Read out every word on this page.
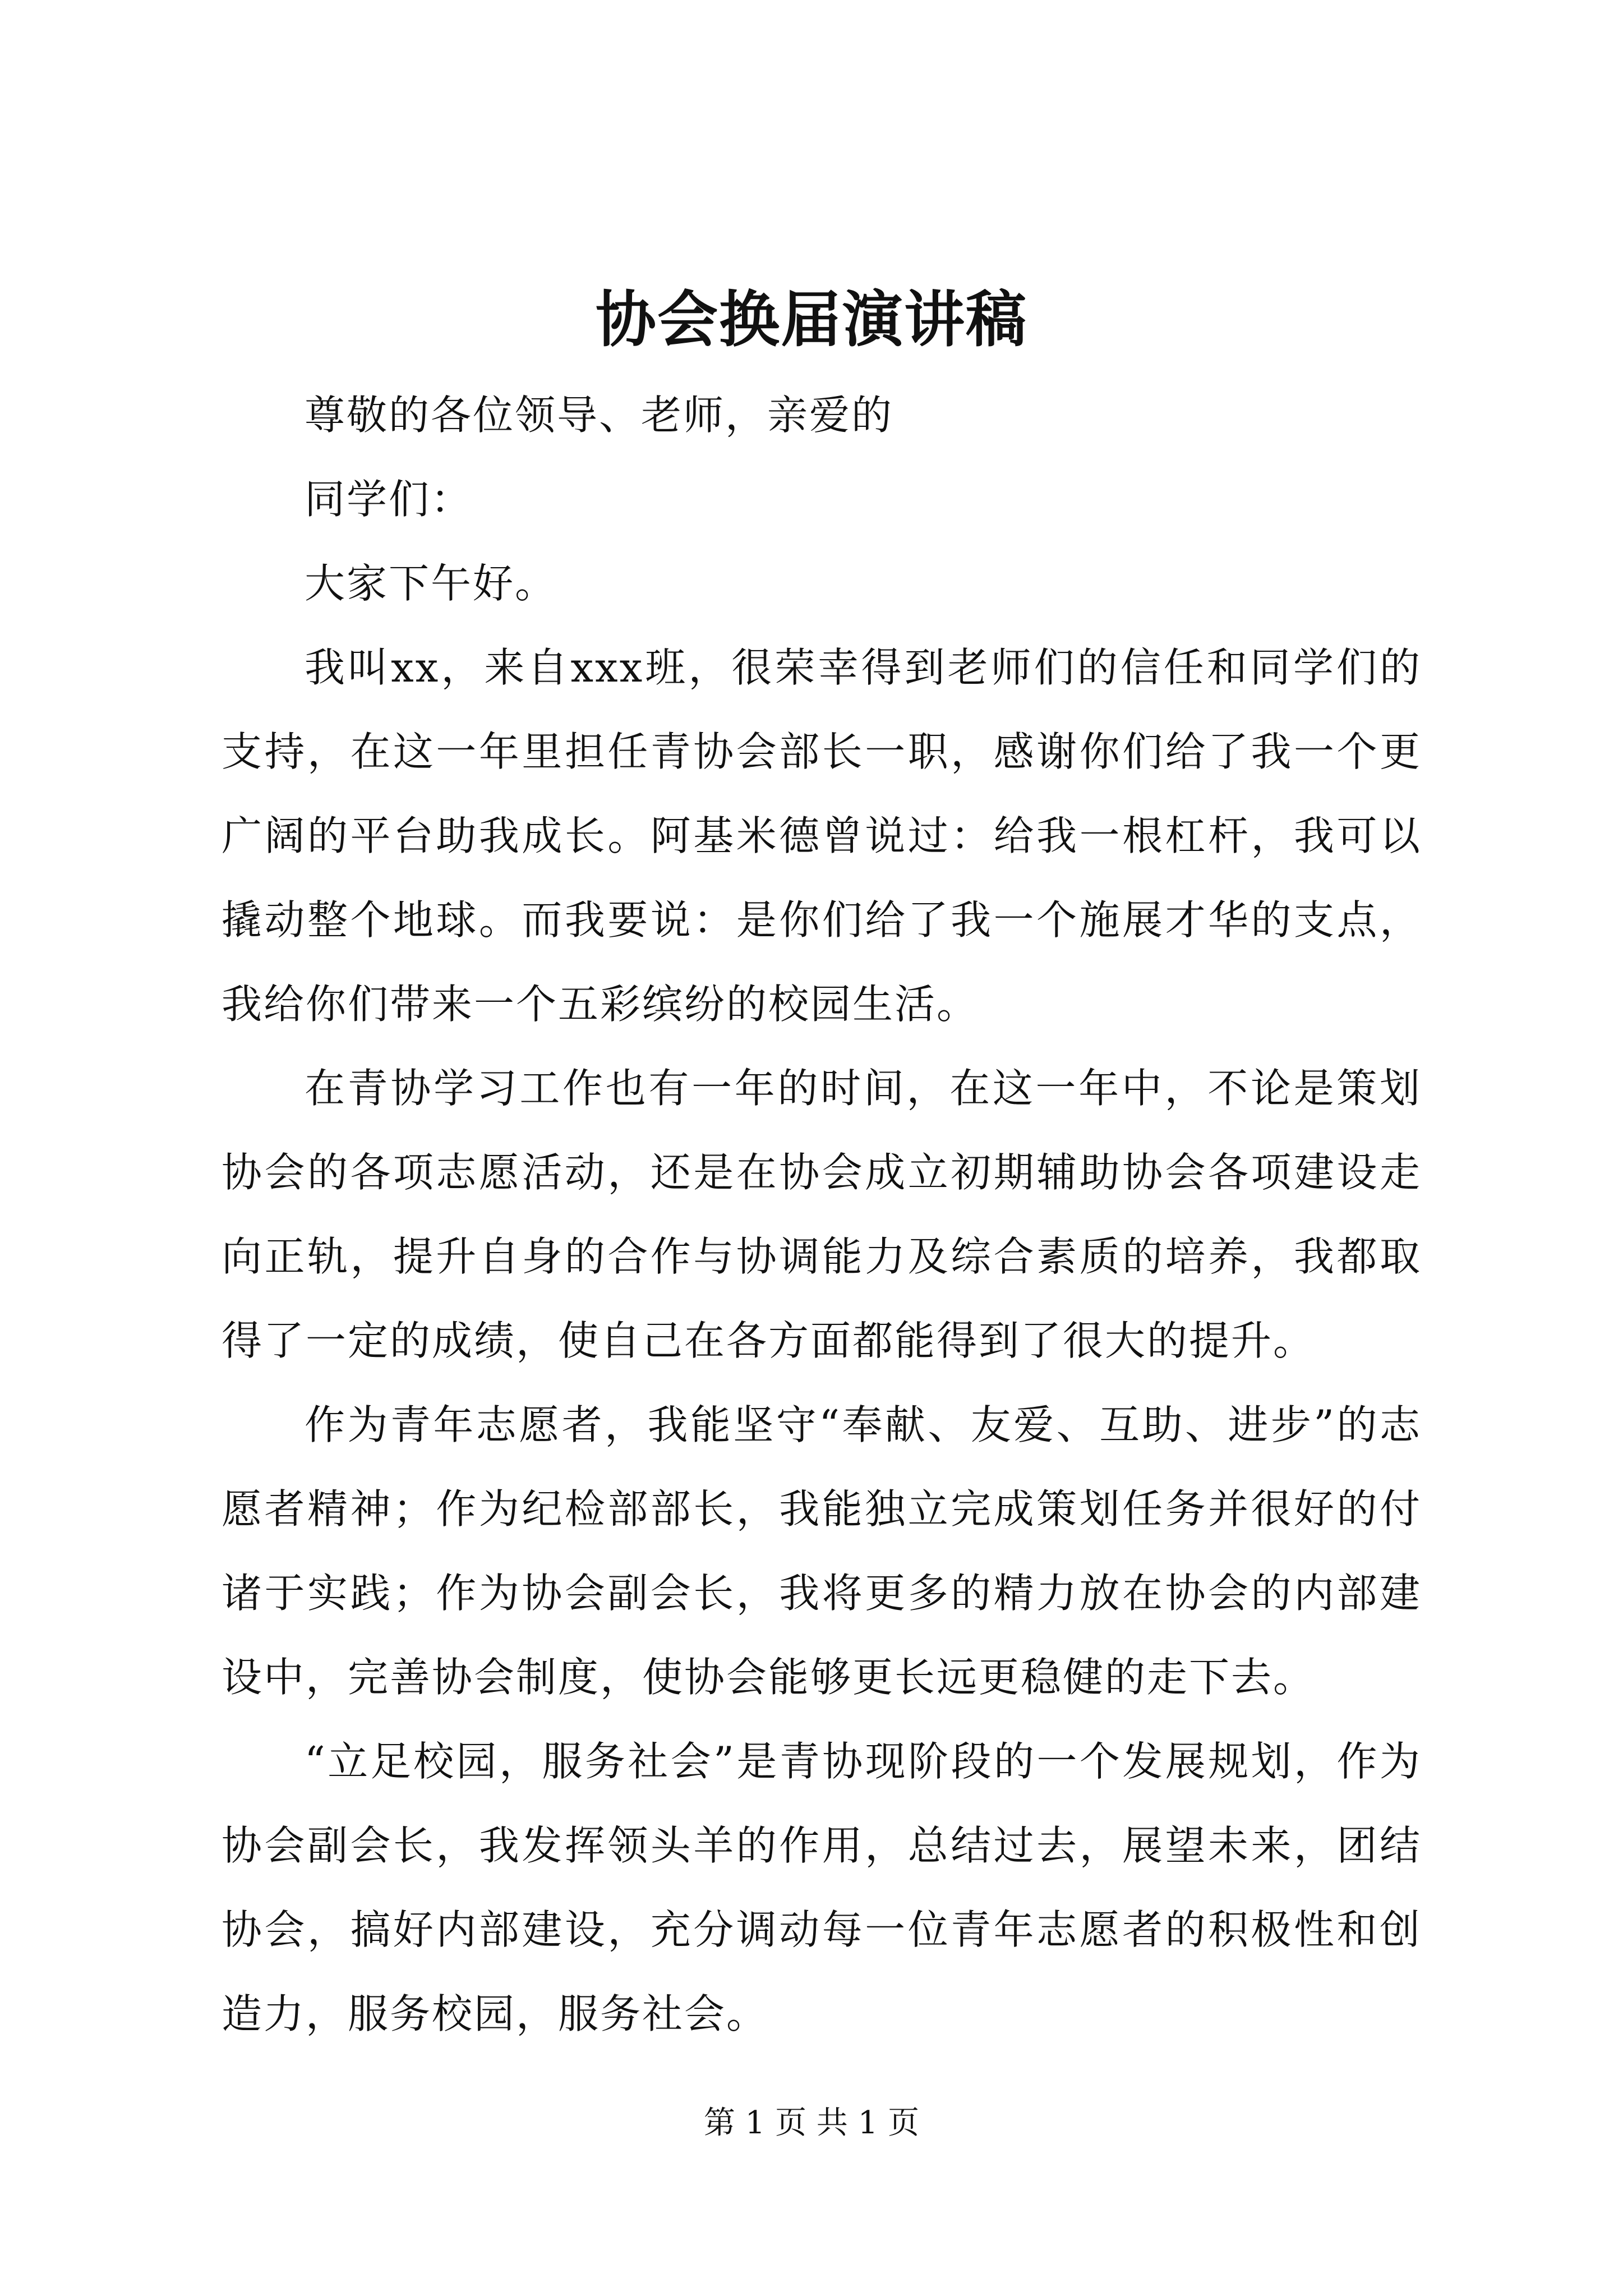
协会换届演讲稿

尊敬的各位领导、老师，亲爱的

同学们：

大家下午好。

我叫xx，来自xxx班，很荣幸得到老师们的信任和同学们的支持，在这一年里担任青协会部长一职，感谢你们给了我一个更广阔的平台助我成长。阿基米德曾说过：给我一根杠杆，我可以撬动整个地球。而我要说：是你们给了我一个施展才华的支点，我给你们带来一个五彩缤纷的校园生活。

在青协学习工作也有一年的时间，在这一年中，不论是策划协会的各项志愿活动，还是在协会成立初期辅助协会各项建设走向正轨，提升自身的合作与协调能力及综合素质的培养，我都取得了一定的成绩，使自己在各方面都能得到了很大的提升。

作为青年志愿者，我能坚守“奉献、友爱、互助、进步”的志愿者精神；作为纪检部部长，我能独立完成策划任务并很好的付诸于实践；作为协会副会长，我将更多的精力放在协会的内部建设中，完善协会制度，使协会能够更长远更稳健的走下去。

“立足校园，服务社会”是青协现阶段的一个发展规划，作为协会副会长，我发挥领头羊的作用，总结过去，展望未来，团结协会，搞好内部建设，充分调动每一位青年志愿者的积极性和创造力，服务校园，服务社会。

第 1 页 共 1 页
